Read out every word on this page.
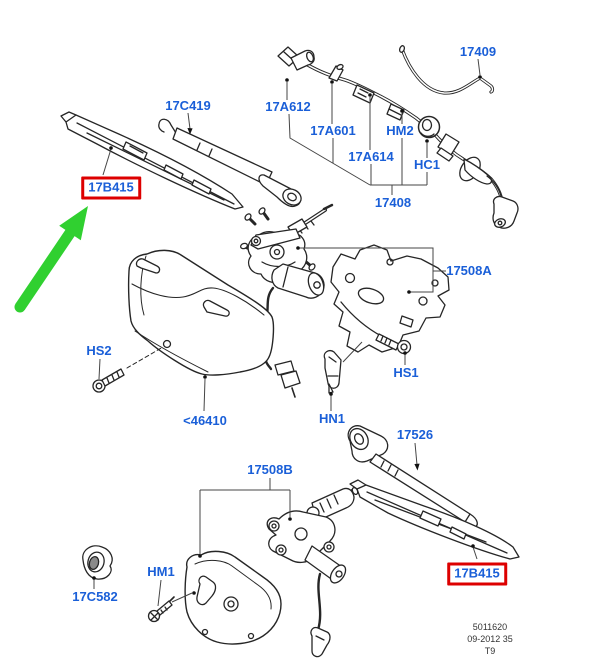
17409
17C419	17A612
17A601 HM2
17A614
HC1
17408
17B415
17508A
HS2
HS1
HN1
<46410
17526
17508B
HM1
17C582
17B415
5011620
09-2012 35
T9
